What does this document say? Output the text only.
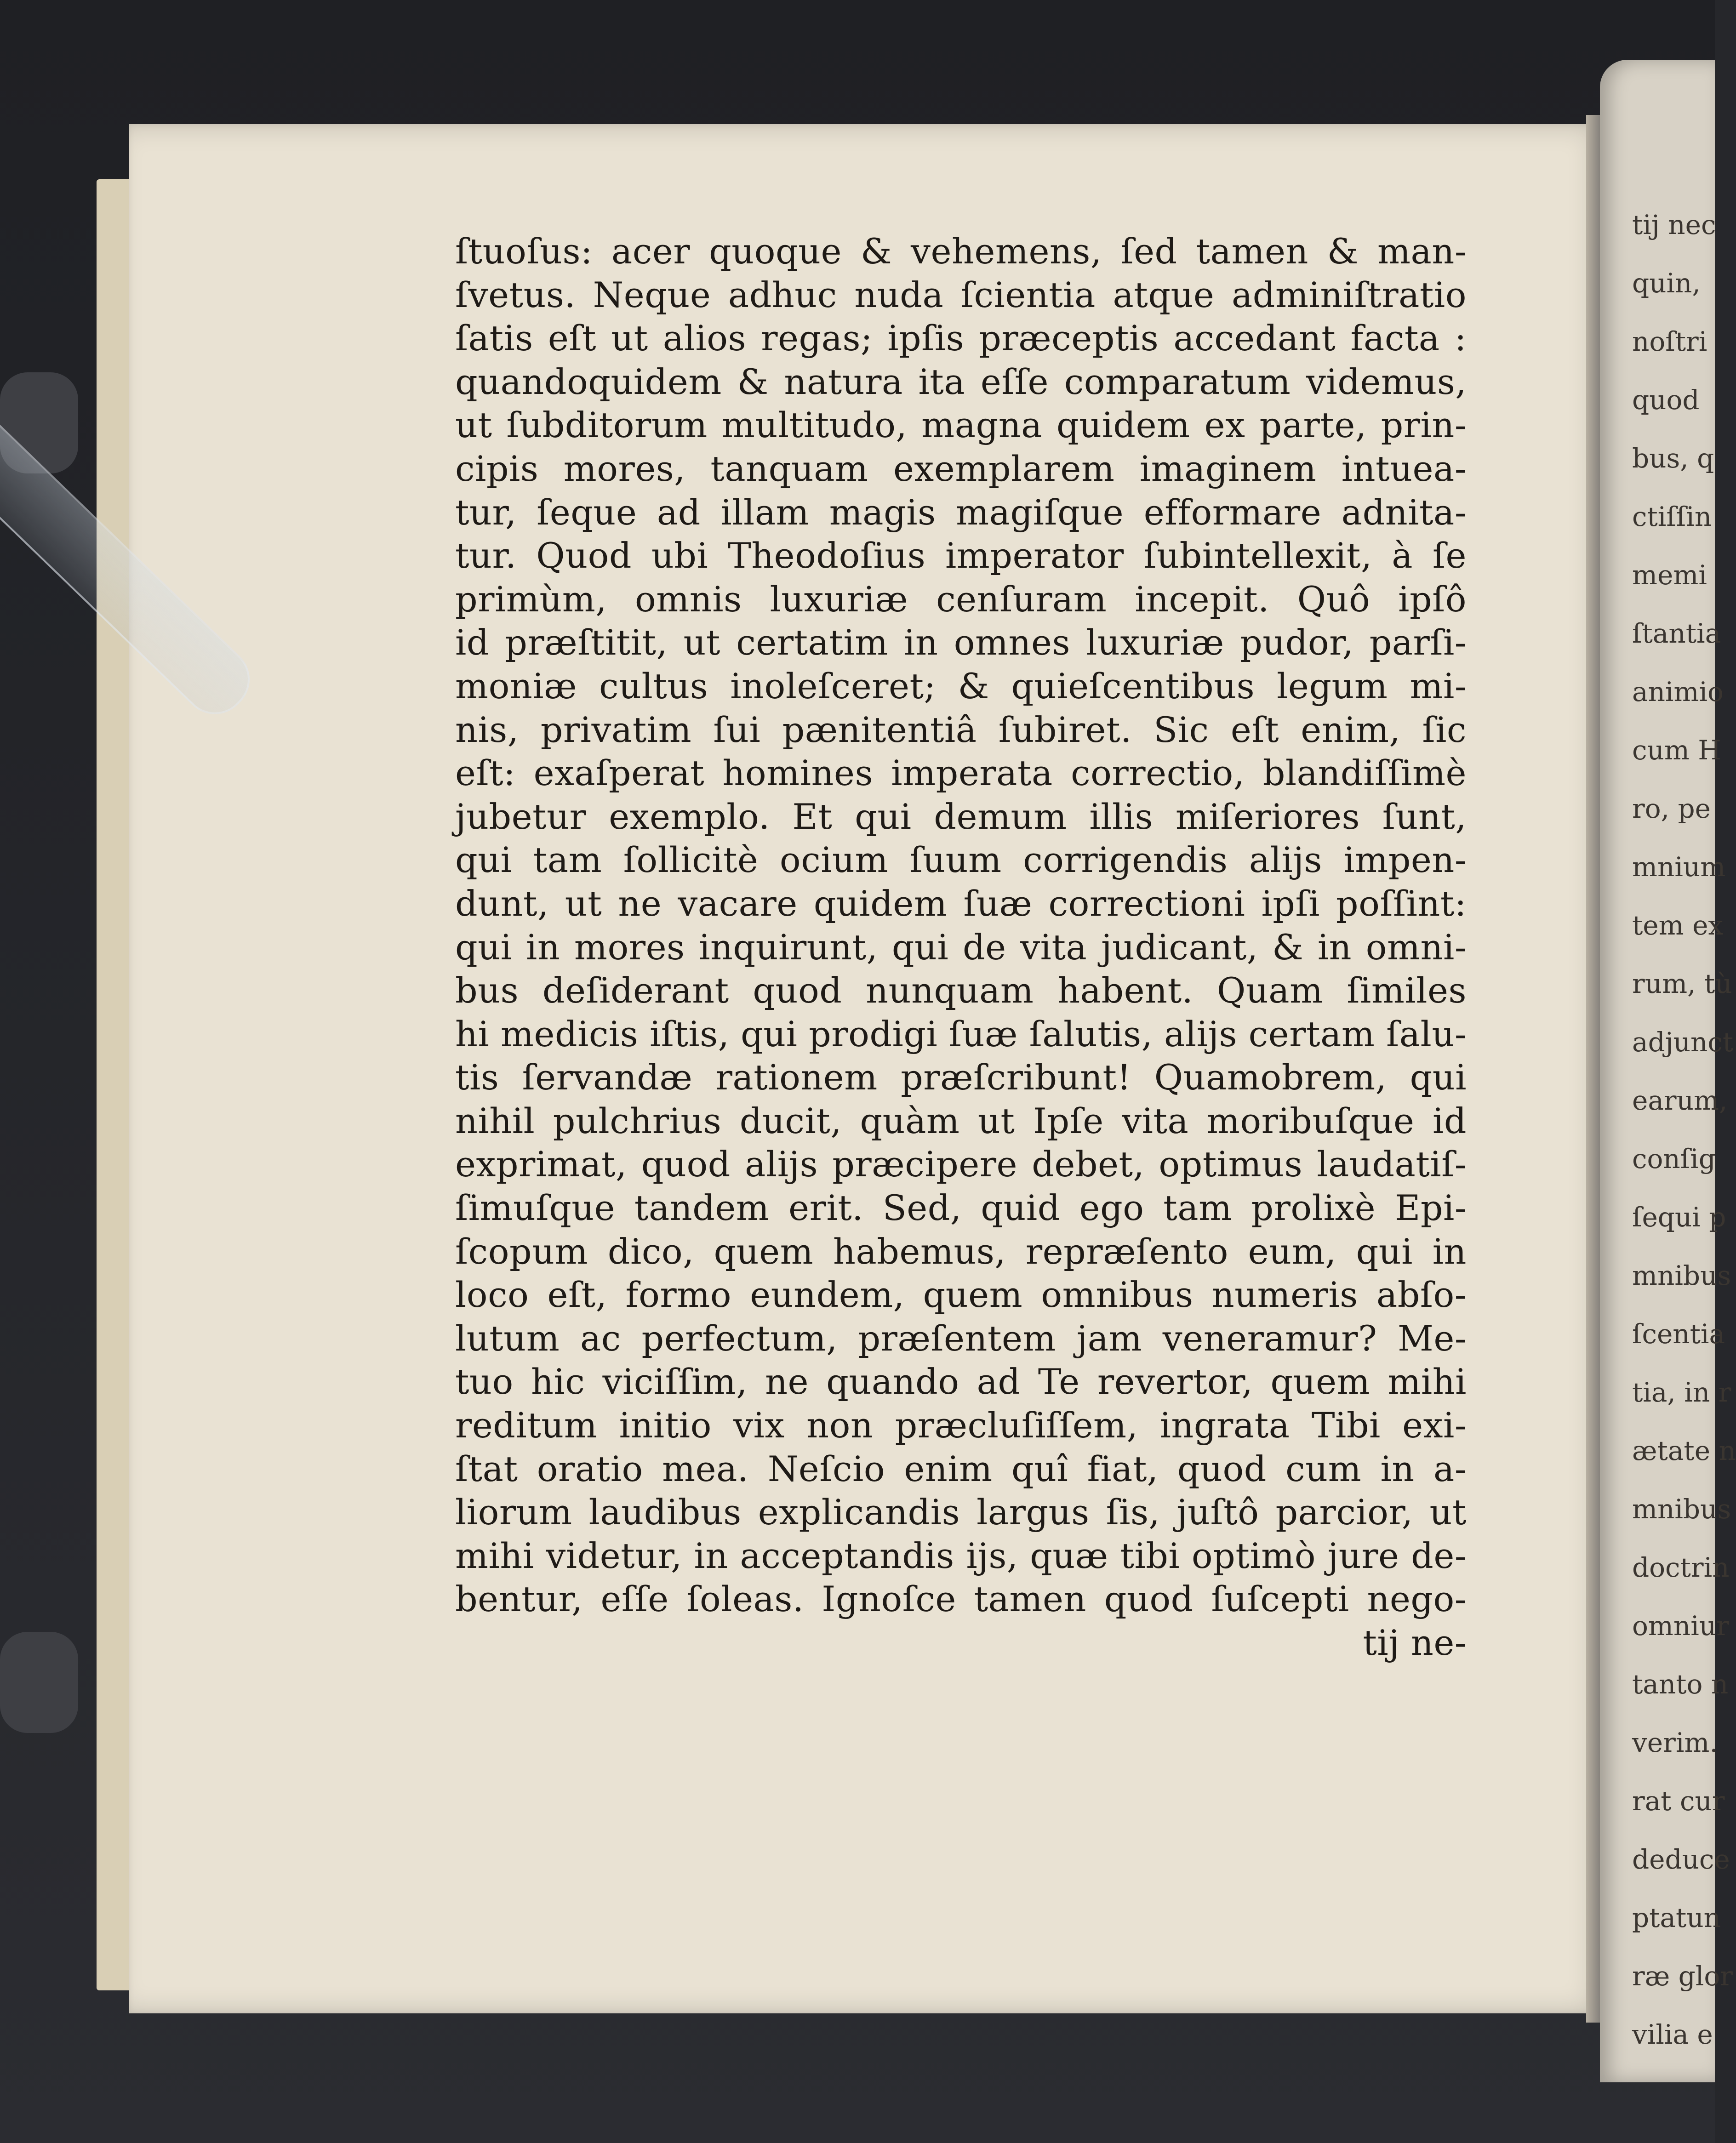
ſtuoſus: acer quoque & vehemens, ſed tamen & man-
ſvetus. Neque adhuc nuda ſcientia atque adminiſtratio
ſatis eſt ut alios regas; ipſis præceptis accedant facta :
quandoquidem & natura ita eſſe comparatum videmus,
ut ſubditorum multitudo, magna quidem ex parte, prin-
cipis mores, tanquam exemplarem imaginem intuea-
tur, ſeque ad illam magis magiſque efformare adnita-
tur. Quod ubi Theodoſius imperator ſubintellexit, à ſe
primùm, omnis luxuriæ cenſuram incepit. Quô ipſô
id præſtitit, ut certatim in omnes luxuriæ pudor, parſi-
moniæ cultus inoleſceret; & quieſcentibus legum mi-
nis, privatim ſui pænitentiâ ſubiret. Sic eſt enim, ſic
eſt: exaſperat homines imperata correctio, blandiſſimè
jubetur exemplo. Et qui demum illis miſeriores ſunt,
qui tam ſollicitè ocium ſuum corrigendis alijs impen-
dunt, ut ne vacare quidem ſuæ correctioni ipſi poſſint:
qui in mores inquirunt, qui de vita judicant, & in omni-
bus deſiderant quod nunquam habent. Quam ſimiles
hi medicis iſtis, qui prodigi ſuæ ſalutis, alijs certam ſalu-
tis ſervandæ rationem præſcribunt! Quamobrem, qui
nihil pulchrius ducit, quàm ut Ipſe vita moribuſque id
exprimat, quod alijs præcipere debet, optimus laudatiſ-
ſimuſque tandem erit. Sed, quid ego tam prolixè Epi-
ſcopum dico, quem habemus, repræſento eum, qui in
loco eſt, formo eundem, quem omnibus numeris abſo-
lutum ac perfectum, præſentem jam veneramur? Me-
tuo hic viciſſim, ne quando ad Te revertor, quem mihi
reditum initio vix non præcluſiſſem, ingrata Tibi exi-
ſtat oratio mea. Neſcio enim quî fiat, quod cum in a-
liorum laudibus explicandis largus ſis, juſtô parcior, ut
mihi videtur, in acceptandis ijs, quæ tibi optimò jure de-
bentur, eſſe ſoleas. Ignoſce tamen quod ſuſcepti nego-
tij ne-
tij nec
quin,
noſtri
quod
bus, q
ctiſſin
memi
ſtantia
animio
cum H
ro, pe
mnium
tem ex
rum, tù
adjunct
earum,
conſig
ſequi p
mnibus
ſcentia
tia, in r
ætate n
mnibus
doctrin
omniur
tanto n
verim.
rat cur
deduce
ptatun
ræ glor
vilia e
